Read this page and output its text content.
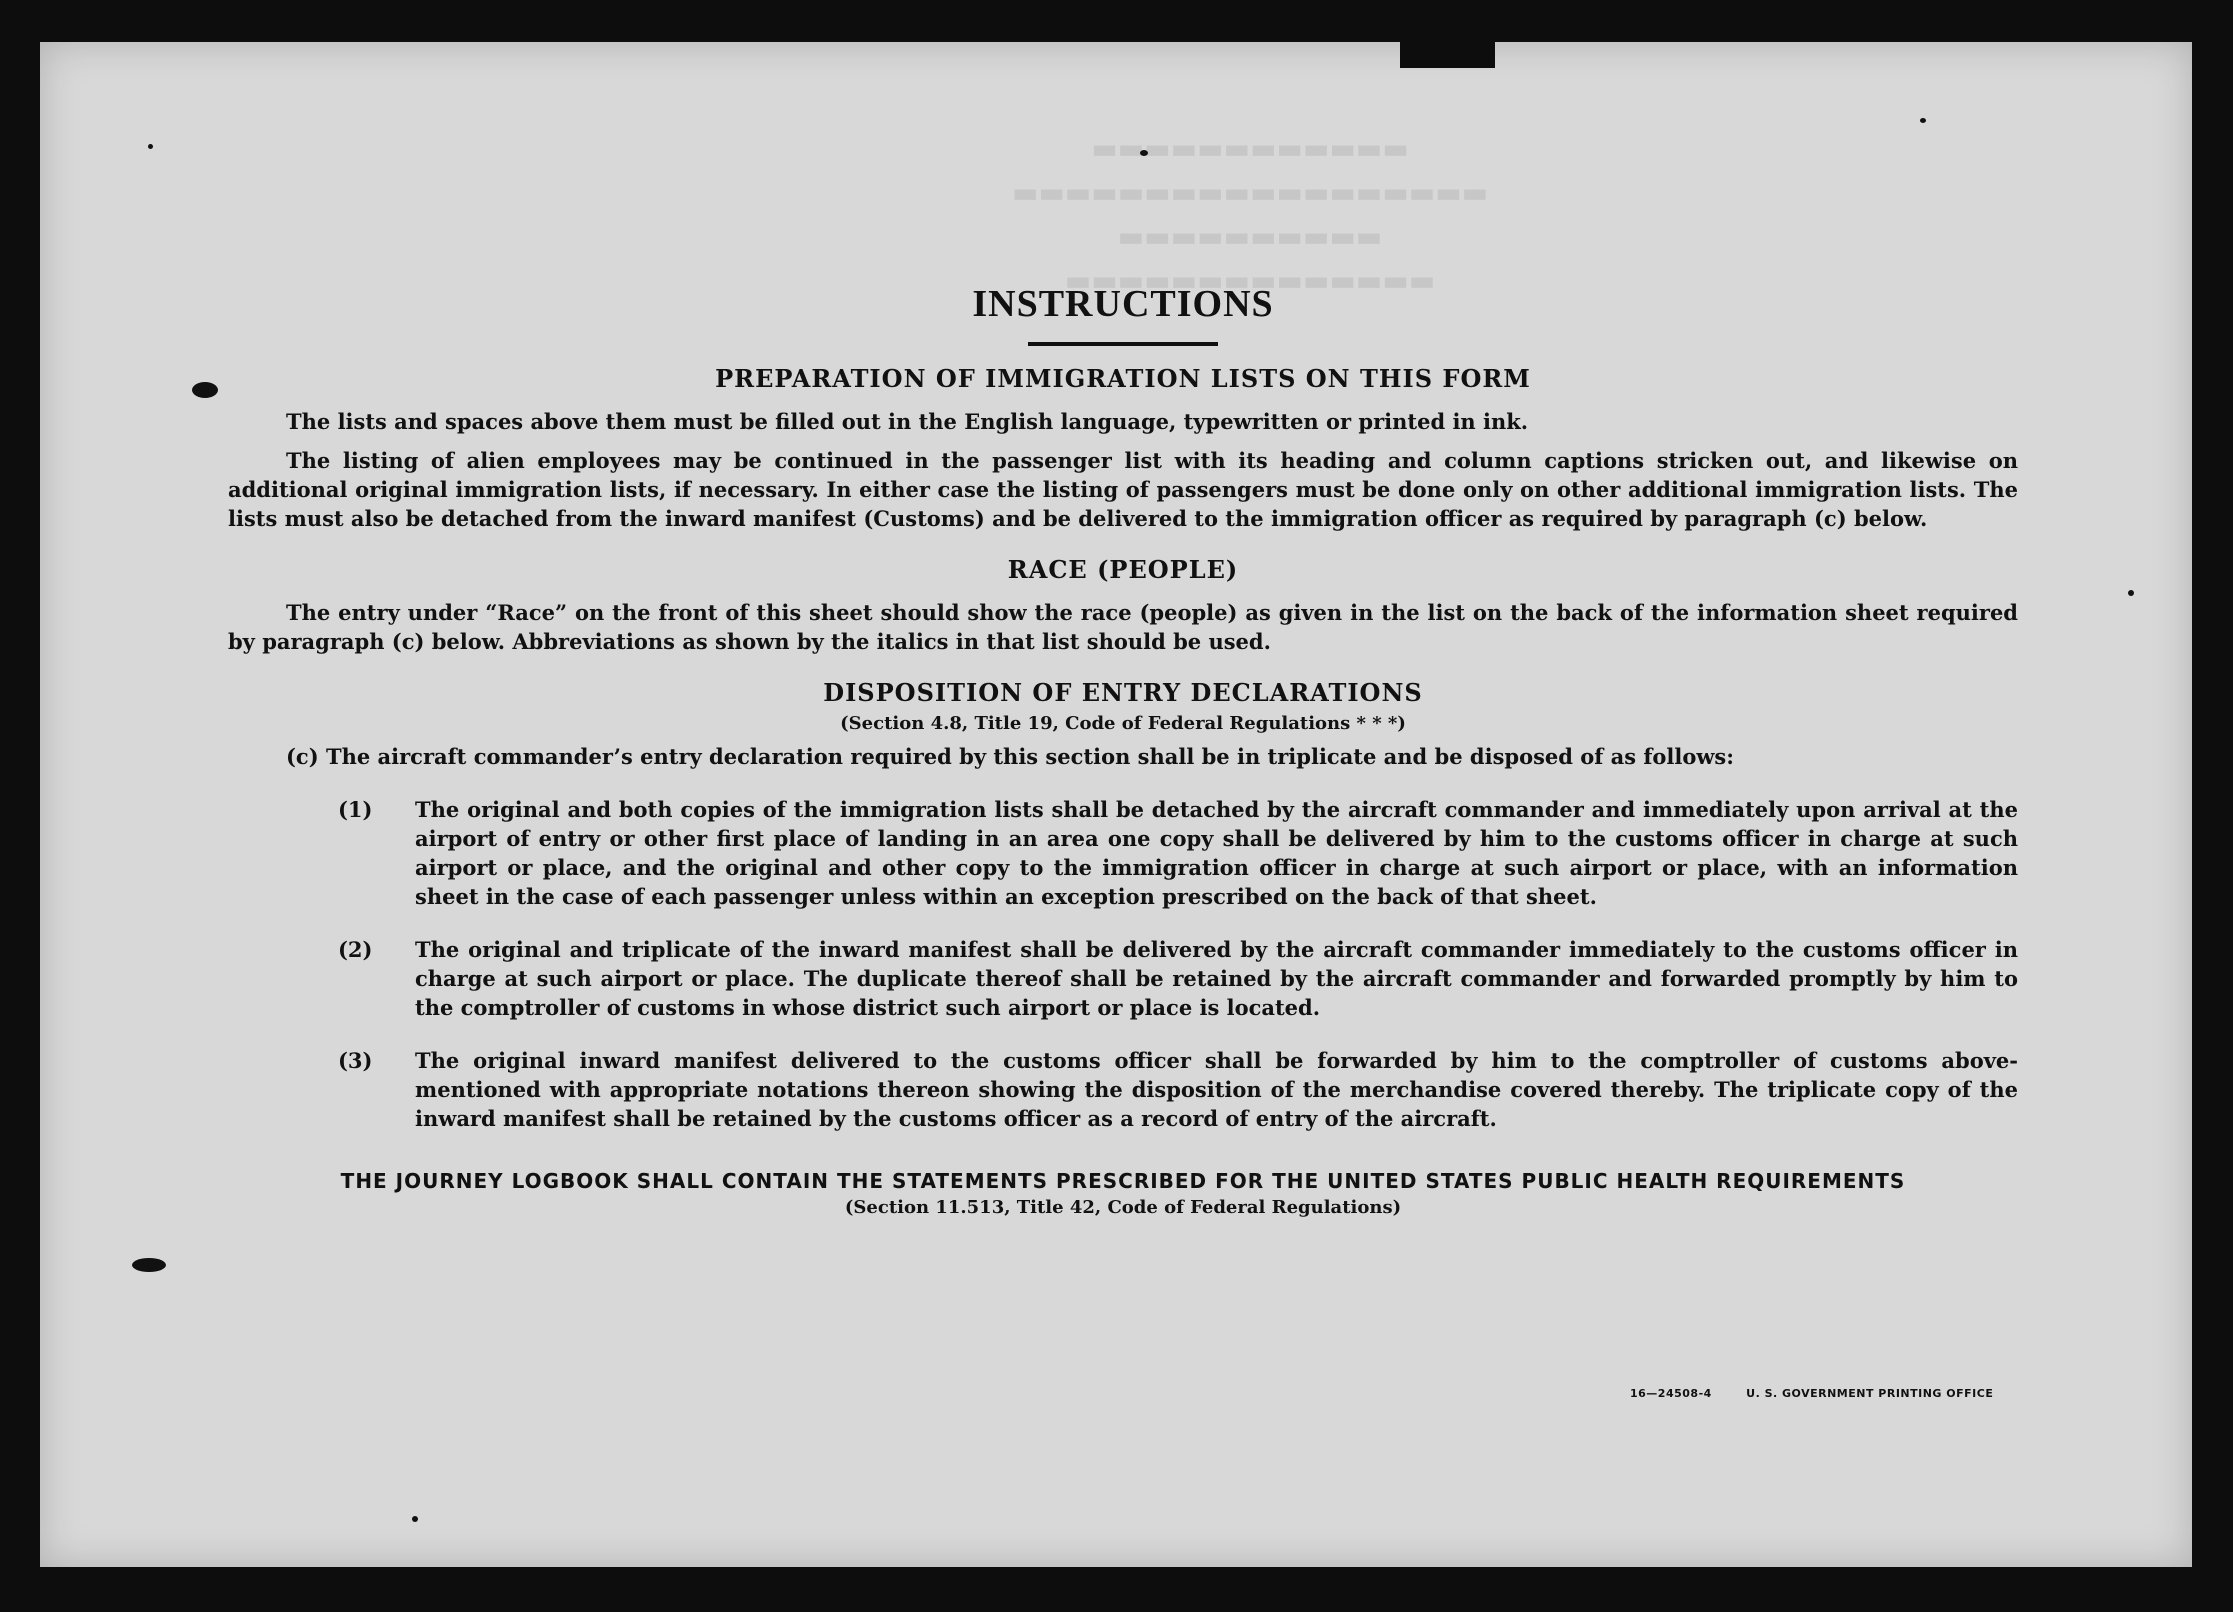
▬▬▬▬▬▬▬▬▬▬▬▬
▬▬▬▬▬▬▬▬▬▬▬▬▬▬▬▬▬▬
▬▬▬▬▬▬▬▬▬▬
▬▬▬▬▬▬▬▬▬▬▬▬▬▬
INSTRUCTIONS
PREPARATION OF IMMIGRATION LISTS ON THIS FORM

The lists and spaces above them must be filled out in the English language, typewritten or printed in ink.

The listing of alien employees may be continued in the passenger list with its heading and column captions stricken out, and likewise on additional original immigration lists, if necessary. In either case the listing of passengers must be done only on other additional immigration lists. The lists must also be detached from the inward manifest (Customs) and be delivered to the immigration officer as required by paragraph (c) below.

RACE (PEOPLE)

The entry under “Race” on the front of this sheet should show the race (people) as given in the list on the back of the information sheet required by paragraph (c) below. Abbreviations as shown by the italics in that list should be used.

DISPOSITION OF ENTRY DECLARATIONS
(Section 4.8, Title 19, Code of Federal Regulations * * *)

(c) The aircraft commander’s entry declaration required by this section shall be in triplicate and be disposed of as follows:

(1) The original and both copies of the immigration lists shall be detached by the aircraft commander and immediately upon arrival at the airport of entry or other first place of landing in an area one copy shall be delivered by him to the customs officer in charge at such airport or place, and the original and other copy to the immigration officer in charge at such airport or place, with an information sheet in the case of each passenger unless within an exception prescribed on the back of that sheet.

(2) The original and triplicate of the inward manifest shall be delivered by the aircraft commander immediately to the customs officer in charge at such airport or place. The duplicate thereof shall be retained by the aircraft commander and forwarded promptly by him to the comptroller of customs in whose district such airport or place is located.

(3) The original inward manifest delivered to the customs officer shall be forwarded by him to the comptroller of customs above-mentioned with appropriate notations thereon showing the disposition of the merchandise covered thereby. The triplicate copy of the inward manifest shall be retained by the customs officer as a record of entry of the aircraft.

THE JOURNEY LOGBOOK SHALL CONTAIN THE STATEMENTS PRESCRIBED FOR THE UNITED STATES PUBLIC HEALTH REQUIREMENTS
(Section 11.513, Title 42, Code of Federal Regulations)
16—24508-4	U. S. GOVERNMENT PRINTING OFFICE
